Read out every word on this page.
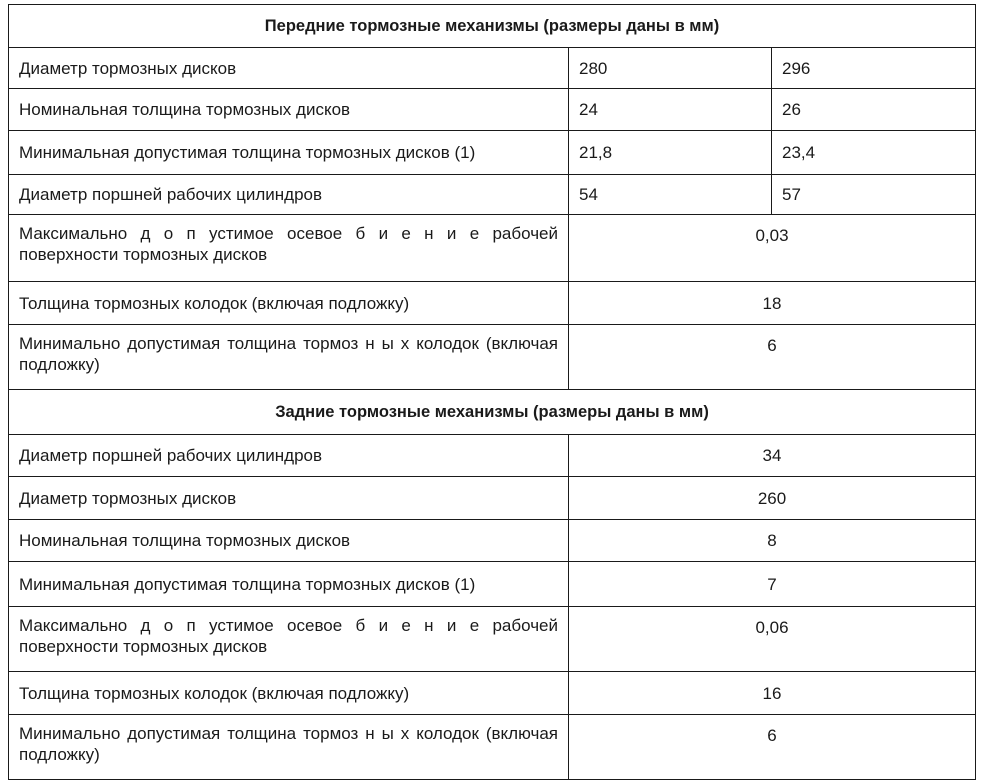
Передние тормозные механизмы (размеры даны в мм)		
Диаметр тормозных дисков	280	296
Номинальная толщина тормозных дисков	24	26
Минимальная допустимая толщина тормозных дисков (1)	21,8	23,4
Диаметр поршней рабочих цилиндров	54	57
Максимально д о п устимое осевое б и е н и е рабочей поверхности тормозных дисков	0,03	
Толщина тормозных колодок (включая подложку)	18	
Минимально допустимая толщина тормоз н ы х колодок (включая подложку)	6	
Задние тормозные механизмы (размеры даны в мм)		
Диаметр поршней рабочих цилиндров	34	
Диаметр тормозных дисков	260	
Номинальная толщина тормозных дисков	8	
Минимальная допустимая толщина тормозных дисков (1)	7	
Максимально д о п устимое осевое б и е н и е рабочей поверхности тормозных дисков	0,06	
Толщина тормозных колодок (включая подложку)	16	
Минимально допустимая толщина тормоз н ы х колодок (включая подложку)	6	
